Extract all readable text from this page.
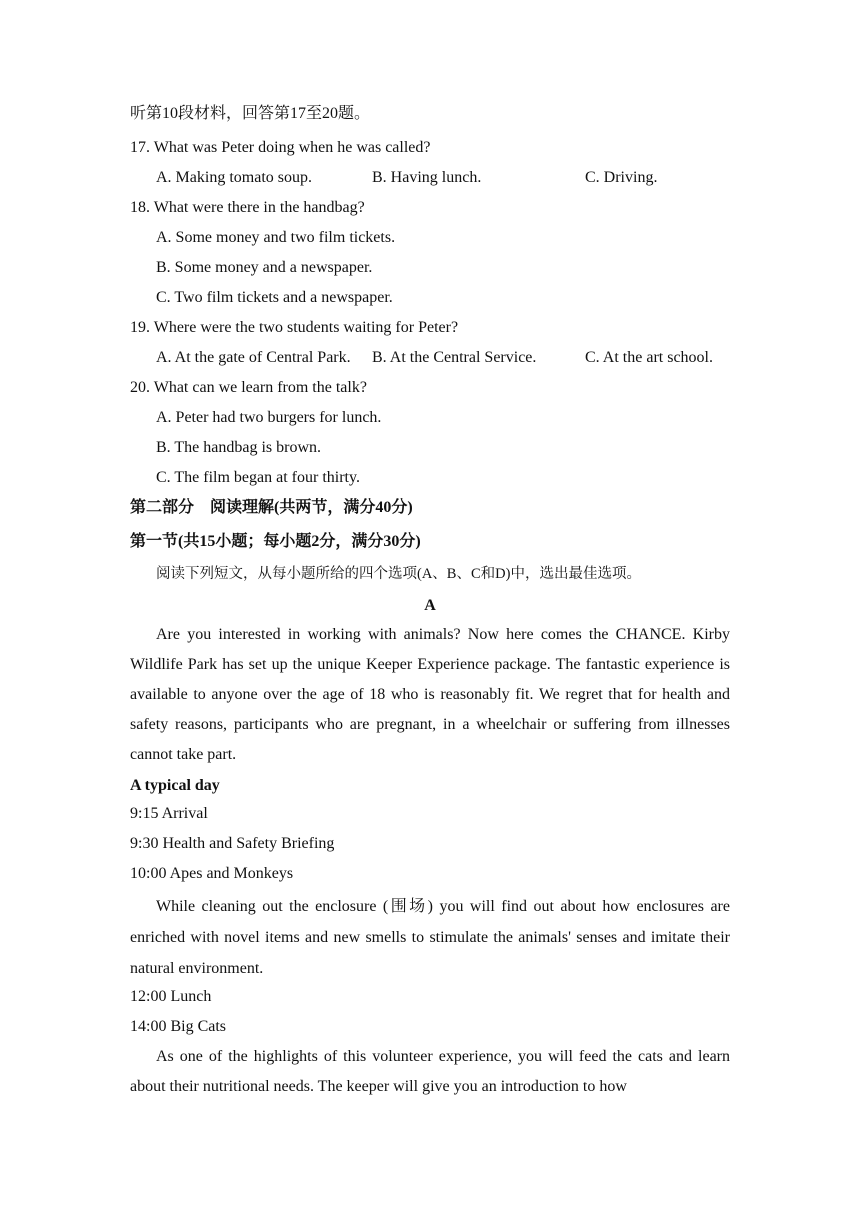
听第10段材料，回答第17至20题。
17. What was Peter doing when he was called?
A. Making tomato soup.	B. Having lunch.	C. Driving.
18. What were there in the handbag?
A. Some money and two film tickets.
B. Some money and a newspaper.
C. Two film tickets and a newspaper.
19. Where were the two students waiting for Peter?
A. At the gate of Central Park. B. At the Central Service.	C. At the art school.
20. What can we learn from the talk?
A. Peter had two burgers for lunch.
B. The handbag is brown.
C. The film began at four thirty.
第二部分　阅读理解(共两节，满分40分)
第一节(共15小题；每小题2分，满分30分)
阅读下列短文，从每小题所给的四个选项(A、B、C和D)中，选出最佳选项。
A
Are you interested in working with animals? Now here comes the CHANCE. Kirby Wildlife Park has set up the unique Keeper Experience package. The fantastic experience is available to anyone over the age of 18 who is reasonably fit. We regret that for health and safety reasons, participants who are pregnant, in a wheelchair or suffering from illnesses cannot take part.
A typical day
9:15 Arrival
9:30 Health and Safety Briefing
10:00 Apes and Monkeys
While cleaning out the enclosure (围场) you will find out about how enclosures are enriched with novel items and new smells to stimulate the animals' senses and imitate their natural environment.
12:00 Lunch
14:00 Big Cats
As one of the highlights of this volunteer experience, you will feed the cats and learn about their nutritional needs. The keeper will give you an introduction to how
